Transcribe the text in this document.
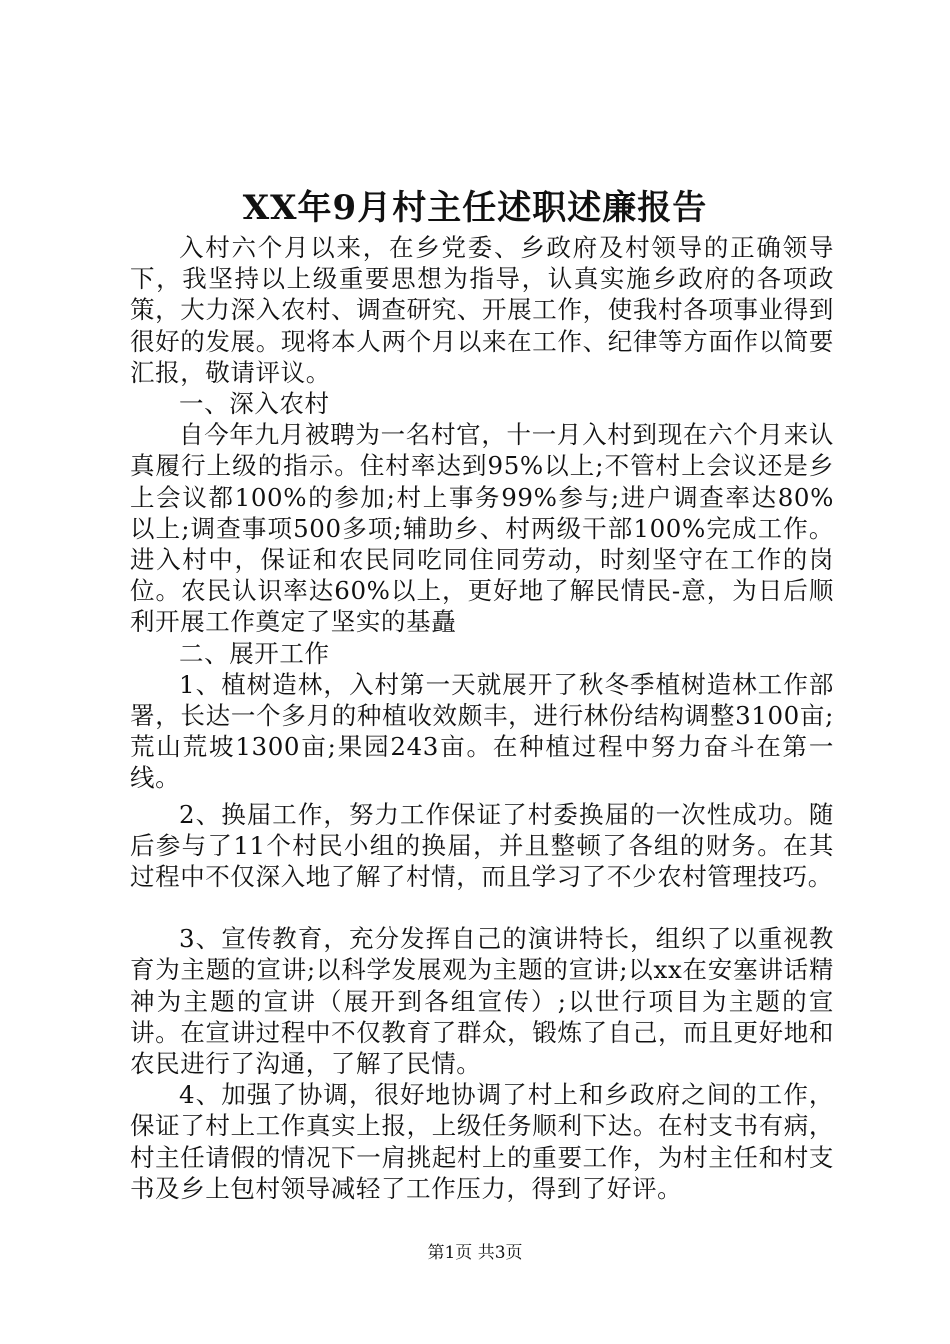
XX年9月村主任述职述廉报告

入村六个月以来，在乡党委、乡政府及村领导的正确领导下，我坚持以上级重要思想为指导，认真实施乡政府的各项政策，大力深入农村、调查研究、开展工作，使我村各项事业得到很好的发展。现将本人两个月以来在工作、纪律等方面作以简要汇报，敬请评议。

一、深入农村

自今年九月被聘为一名村官，十一月入村到现在六个月来认真履行上级的指示。住村率达到95%以上;不管村上会议还是乡上会议都100%的参加;村上事务99%参与;进户调查率达80%以上;调查事项500多项;辅助乡、村两级干部100%完成工作。进入村中，保证和农民同吃同住同劳动，时刻坚守在工作的岗位。农民认识率达60%以上，更好地了解民情民-意，为日后顺利开展工作奠定了坚实的基矗

二、展开工作

1、植树造林，入村第一天就展开了秋冬季植树造林工作部署，长达一个多月的种植收效颇丰，进行林份结构调整3100亩;荒山荒坡1300亩;果园243亩。在种植过程中努力奋斗在第一线。

2、换届工作，努力工作保证了村委换届的一次性成功。随后参与了11个村民小组的换届，并且整顿了各组的财务。在其过程中不仅深入地了解了村情，而且学习了不少农村管理技巧。

3、宣传教育，充分发挥自己的演讲特长，组织了以重视教育为主题的宣讲;以科学发展观为主题的宣讲;以xx在安塞讲话精神为主题的宣讲（展开到各组宣传）;以世行项目为主题的宣讲。在宣讲过程中不仅教育了群众，锻炼了自己，而且更好地和农民进行了沟通，了解了民情。

4、加强了协调，很好地协调了村上和乡政府之间的工作，保证了村上工作真实上报，上级任务顺利下达。在村支书有病，村主任请假的情况下一肩挑起村上的重要工作，为村主任和村支书及乡上包村领导减轻了工作压力，得到了好评。

第1页 共3页
